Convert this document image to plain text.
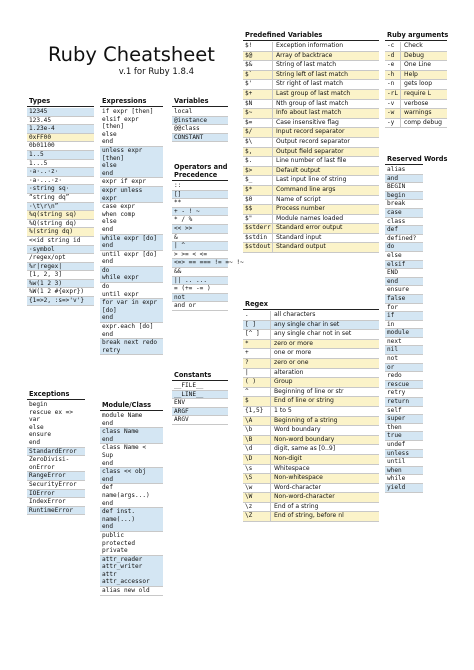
Ruby Cheatsheet
v.1 for Ruby 1.8.4
Types
12345
123.45
1.23e-4
0xFF00
0b01100
1..5
1...5
·a·..·z·
·a·...·z·
·string sq·
“string dq”
·\t\r\n”
%q(string sq)
%Q(string dq)
%(string dq)
<<id string id
·symbol
/regex/opt
%r|regex|
[1, 2, 3]
%w(1 2 3)
%W(1 2 #{expr})
{1=>2, :s=>'v'}
Exceptions
begin
rescue ex =>
var
else
ensure
end
StandardError
ZeroDivisi-
onError
RangeError
SecurityError
IOError
IndexError
RuntimeError
Expressions
if expr [then]
elsif expr
[then]
else
end
unless expr
[then]
else
end
expr if expr
expr unless
expr
case expr
when comp
else
end
while expr [do]
end
until expr [do]
end
do
while expr
do
until expr
for var in expr
[do]
end
expr.each [do]
end
break next redo
retry
Module/Class
module Name
end
class Name
end
class Name <
Sup
end
class << obj
end
def
name(args...)
end
def inst.
name(...)
end
public
protected
private
attr_reader
attr_writer
attr
attr_accessor
alias new old
Variables
local
@instance
@@class
CONSTANT
Operators and
Precedence
::
[]
**
+ - ! ~
* / %
<< >>
&
| ^
> >= < <=
<=> == === != =~ !~
&&
|| .. ...
= (+= -= )
not
and or
Constants
__FILE__
__LINE__
ENV
ARGF
ARGV
Predefined Variables
$!	Exception information
$@	Array of backtrace
$&	String of last match
$`	String left of last match
$'	Str right of last match
$+	Last group of last match
$N	Nth group of last match
$~	Info about last match
$=	Case insensitive flag
$/	Input record separator
$\	Output record separator
$,	Output field separator
$.	Line number of last file
$>	Default output
$_	Last input line of string
$*	Command line args
$0	Name of script
$$	Process number
$"	Module names loaded
$stderr Standard error output
$stdin	Standard input
$stdout Standard output
Regex
.	all characters
[ ]	any single char in set
[^ ]	any single char not in set
*	zero or more
+	one or more
?	zero or one
|	alteration
( )	Group
^	Beginning of line or str
$	End of line or string
{1,5}	1 to 5
\A	Beginning of a string
\b	Word boundary
\B	Non-word boundary
\d	digit, same as [0..9]
\D	Non-digit
\s	Whitespace
\S	Non-whitespace
\w	Word-character
\W	Non-word-character
\z	End of a string
\Z	End of string, before nl
Ruby arguments
-c	Check
-d	Debug
-e	One Line
-h	Help
-n	gets loop
-rL require L
-v	verbose
-w	warnings
-y	comp debug
Reserved Words
alias
and
BEGIN
begin
break
case
class
def
defined?
do
else
elsif
END
end
ensure
false
for
if
in
module
next
nil
not
or
redo
rescue
retry
return
self
super
then
true
undef
unless
until
when
while
yield
